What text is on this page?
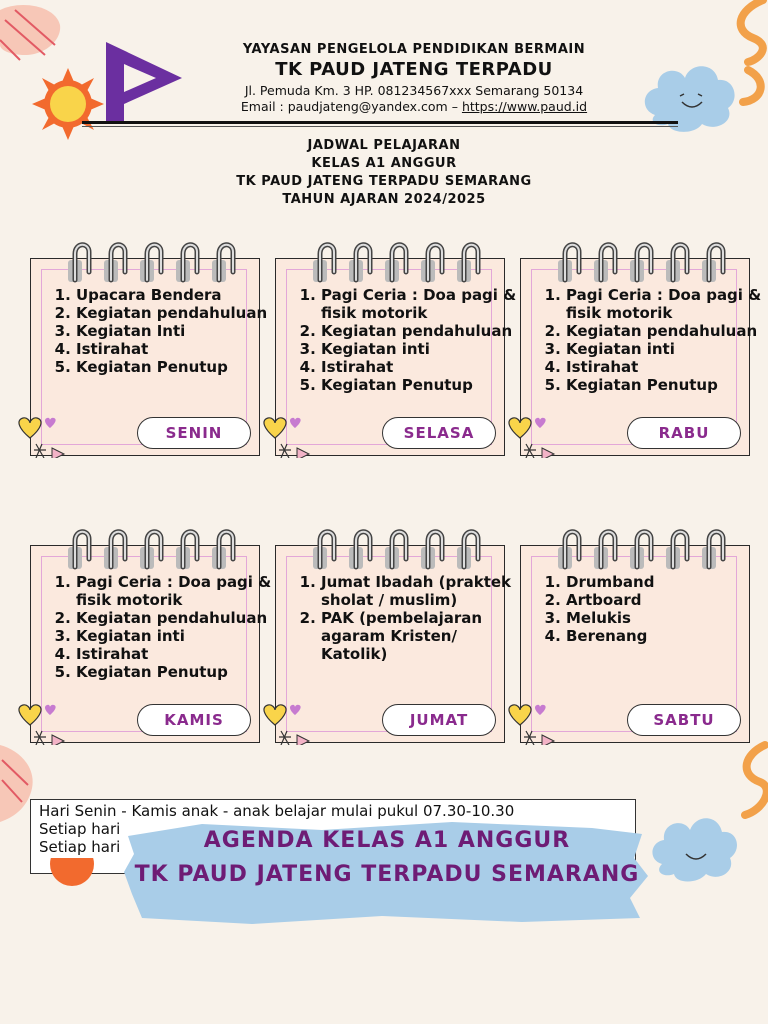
YAYASAN PENGELOLA PENDIDIKAN BERMAIN
TK PAUD JATENG TERPADU
Jl. Pemuda Km. 3 HP. 081234567xxx Semarang 50134
Email : paudjateng@yandex.com – https://www.paud.id
JADWAL PELAJARAN
KELAS A1 ANGGUR
TK PAUD JATENG TERPADU SEMARANG
TAHUN AJARAN 2024/2025
1. Upacara Bendera
2. Kegiatan pendahuluan
3. Kegiatan Inti
4. Istirahat
5. Kegiatan Penutup
SENIN
1. Pagi Ceria : Doa pagi & fisik motorik
2. Kegiatan pendahuluan
3. Kegiatan inti
4. Istirahat
5. Kegiatan Penutup
SELASA
1. Pagi Ceria : Doa pagi & fisik motorik
2. Kegiatan pendahuluan
3. Kegiatan inti
4. Istirahat
5. Kegiatan Penutup
RABU
1. Pagi Ceria : Doa pagi & fisik motorik
2. Kegiatan pendahuluan
3. Kegiatan inti
4. Istirahat
5. Kegiatan Penutup
KAMIS
1. Jumat Ibadah (praktek sholat / muslim)
2. PAK (pembelajaran agaram Kristen/ Katolik)
JUMAT
1. Drumband
2. Artboard
3. Melukis
4. Berenang
SABTU
Hari Senin - Kamis anak - anak belajar mulai pukul 07.30-10.30
Setiap hari
Setiap hari	AGENDA KELAS A1 ANGGUR
TK PAUD JATENG TERPADU SEMARANG
